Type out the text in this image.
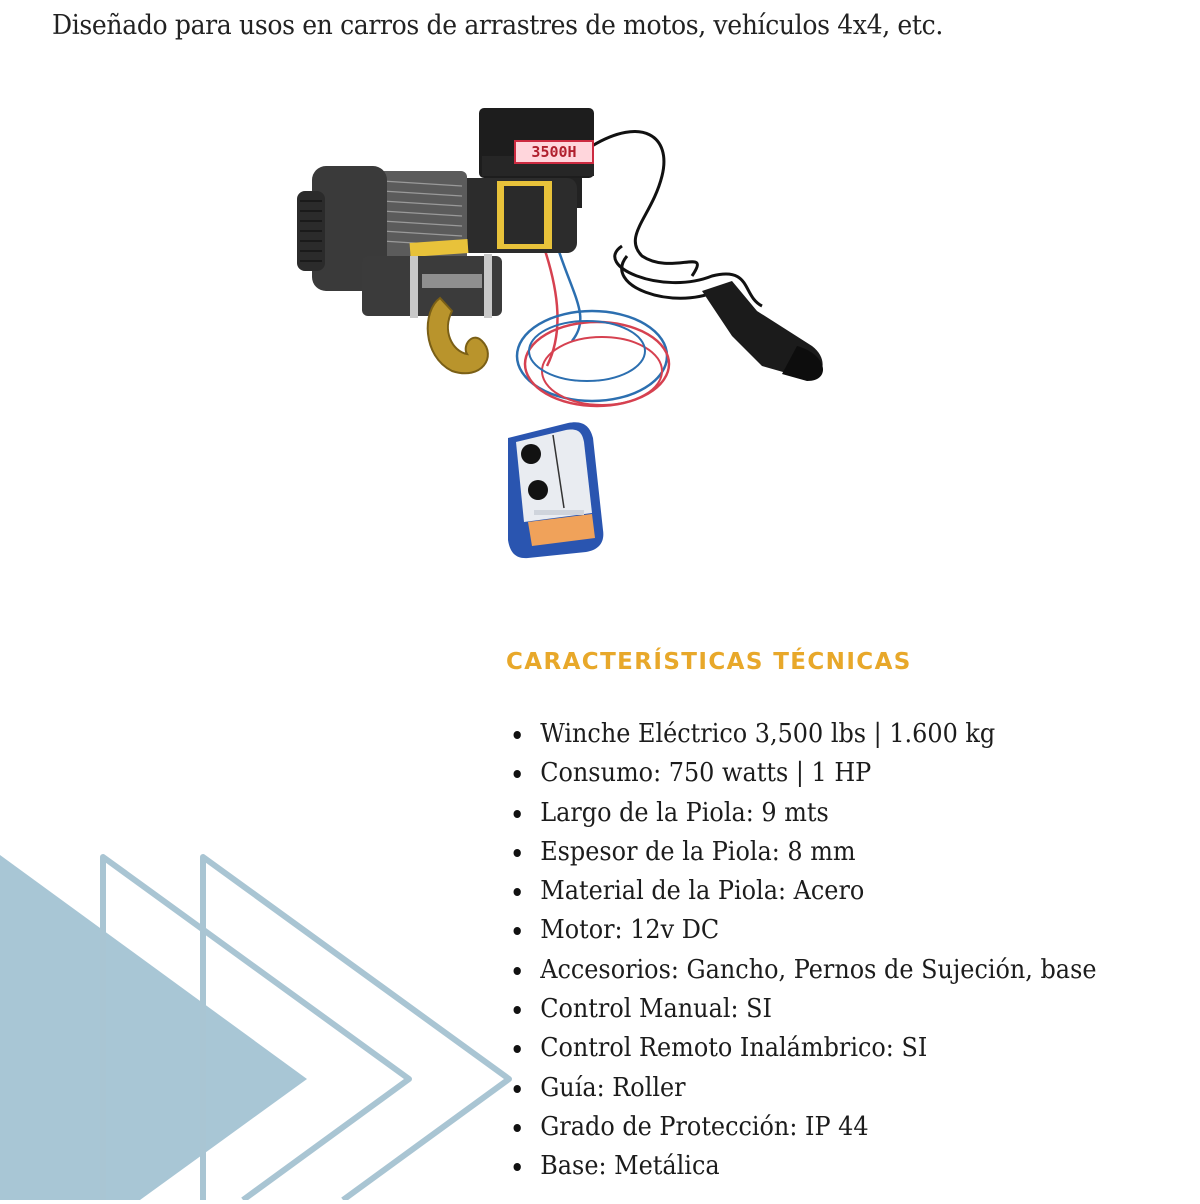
Diseñado para usos en carros de arrastres de motos, vehículos 4x4, etc.
3500H
CARACTERÍSTICAS TÉCNICAS
Winche Eléctrico 3,500 lbs | 1.600 kg
Consumo: 750 watts | 1 HP
Largo de la Piola: 9 mts
Espesor de la Piola: 8 mm
Material de la Piola: Acero
Motor: 12v DC
Accesorios: Gancho, Pernos de Sujeción, base
Control Manual: SI
Control Remoto Inalámbrico: SI
Guía: Roller
Grado de Protección: IP 44
Base: Metálica
